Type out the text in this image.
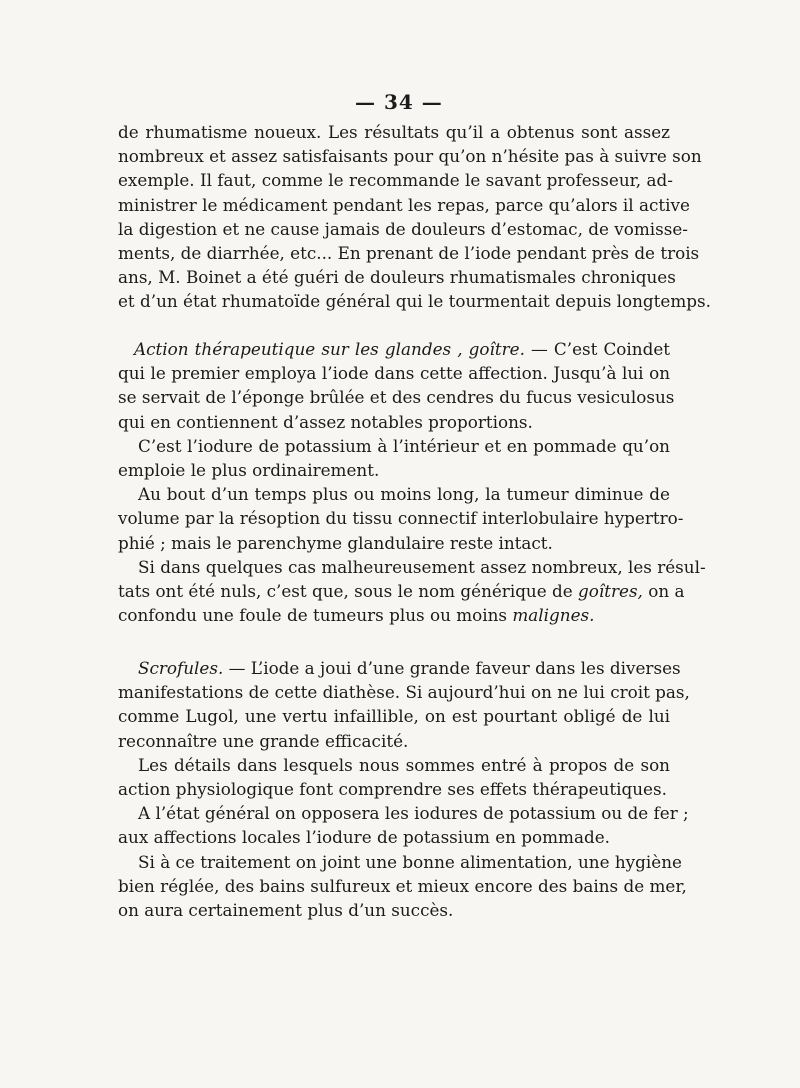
— 34 —
de rhumatisme noueux. Les résultats qu’il a obtenus sont assez
nombreux et assez satisfaisants pour qu’on n’hésite pas à suivre son
exemple. Il faut, comme le recommande le savant professeur, ad-
ministrer le médicament pendant les repas, parce qu’alors il active
la digestion et ne cause jamais de douleurs d’estomac, de vomisse-
ments, de diarrhée, etc... En prenant de l’iode pendant près de trois
ans, M. Boinet a été guéri de douleurs rhumatismales chroniques
et d’un état rhumatoïde général qui le tourmentait depuis longtemps.
Action thérapeutique sur les glandes , goître. — C’est Coindet
qui le premier employa l’iode dans cette affection. Jusqu’à lui on
se servait de l’éponge brûlée et des cendres du fucus vesiculosus
qui en contiennent d’assez notables proportions.
C’est l’iodure de potassium à l’intérieur et en pommade qu’on
emploie le plus ordinairement.
Au bout d’un temps plus ou moins long, la tumeur diminue de
volume par la résoption du tissu connectif interlobulaire hypertro-
phié ; mais le parenchyme glandulaire reste intact.
Si dans quelques cas malheureusement assez nombreux, les résul-
tats ont été nuls, c’est que, sous le nom générique de goîtres, on a
confondu une foule de tumeurs plus ou moins malignes.
Scrofules. — L’iode a joui d’une grande faveur dans les diverses
manifestations de cette diathèse. Si aujourd’hui on ne lui croit pas,
comme Lugol, une vertu infaillible, on est pourtant obligé de lui
reconnaître une grande efficacité.
Les détails dans lesquels nous sommes entré à propos de son
action physiologique font comprendre ses effets thérapeutiques.
A l’état général on opposera les iodures de potassium ou de fer ;
aux affections locales l’iodure de potassium en pommade.
Si à ce traitement on joint une bonne alimentation, une hygiène
bien réglée, des bains sulfureux et mieux encore des bains de mer,
on aura certainement plus d’un succès.
